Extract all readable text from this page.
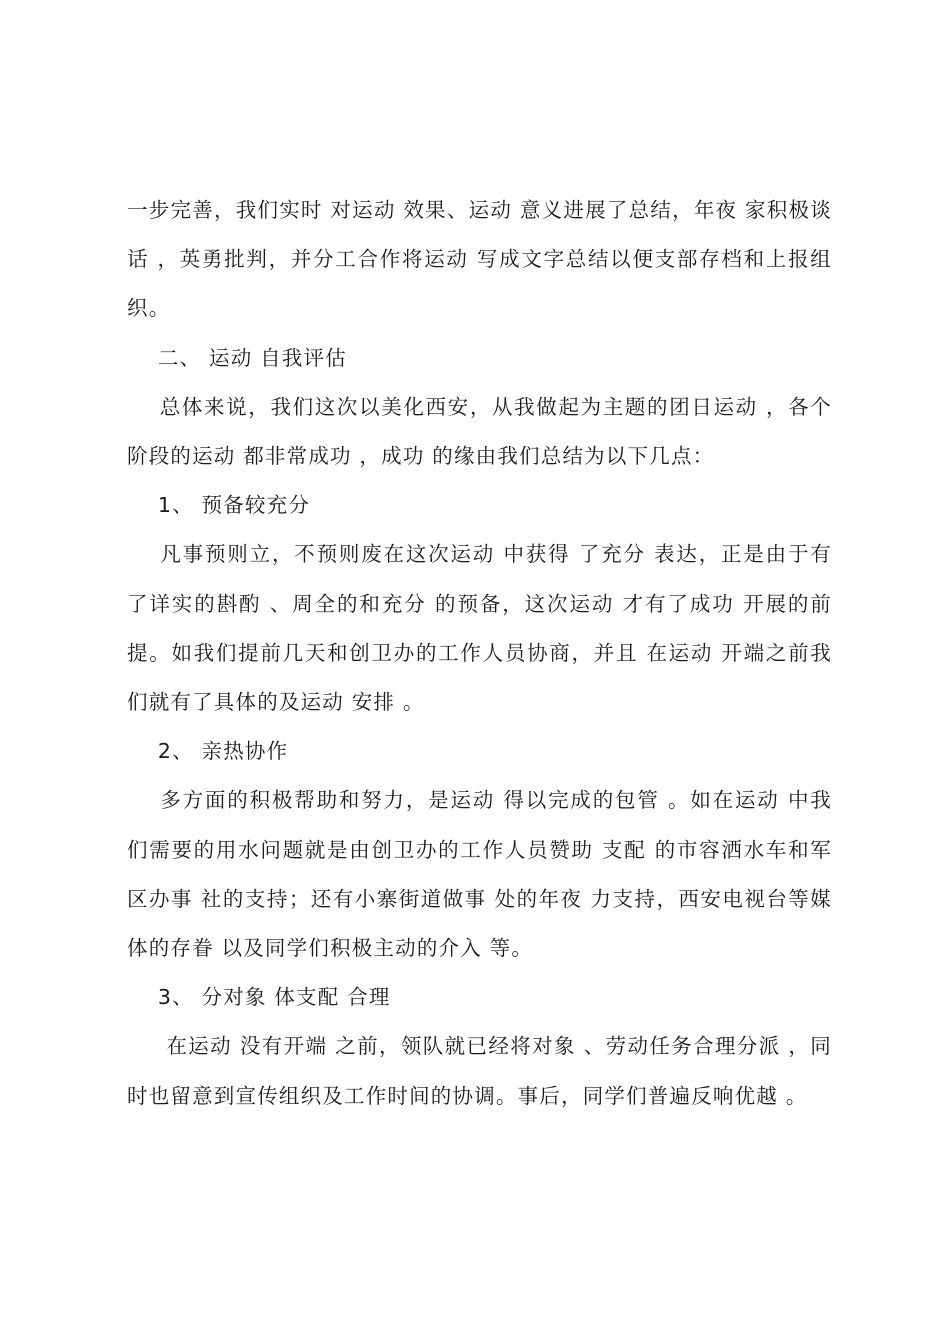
一步完善，我们实时 对运动 效果、运动 意义进展了总结，年夜 家积极谈话 ，英勇批判，并分工合作将运动 写成文字总结以便支部存档和上报组织。

二、 运动 自我评估

总体来说，我们这次以美化西安，从我做起为主题的团日运动 ，各个阶段的运动 都非常成功 ，成功 的缘由我们总结为以下几点：

1、 预备较充分

凡事预则立，不预则废在这次运动 中获得 了充分 表达，正是由于有了详实的斟酌 、周全的和充分 的预备，这次运动 才有了成功 开展的前提。如我们提前几天和创卫办的工作人员协商，并且 在运动 开端之前我们就有了具体的及运动 安排 。

2、 亲热协作

多方面的积极帮助和努力，是运动 得以完成的包管 。如在运动 中我们需要的用水问题就是由创卫办的工作人员赞助 支配 的市容洒水车和军区办事 社的支持；还有小寨街道做事 处的年夜 力支持，西安电视台等媒体的存眷 以及同学们积极主动的介入 等。

3、 分对象 体支配 合理

在运动 没有开端 之前，领队就已经将对象 、劳动任务合理分派 ，同时也留意到宣传组织及工作时间的协调。事后，同学们普遍反响优越 。
